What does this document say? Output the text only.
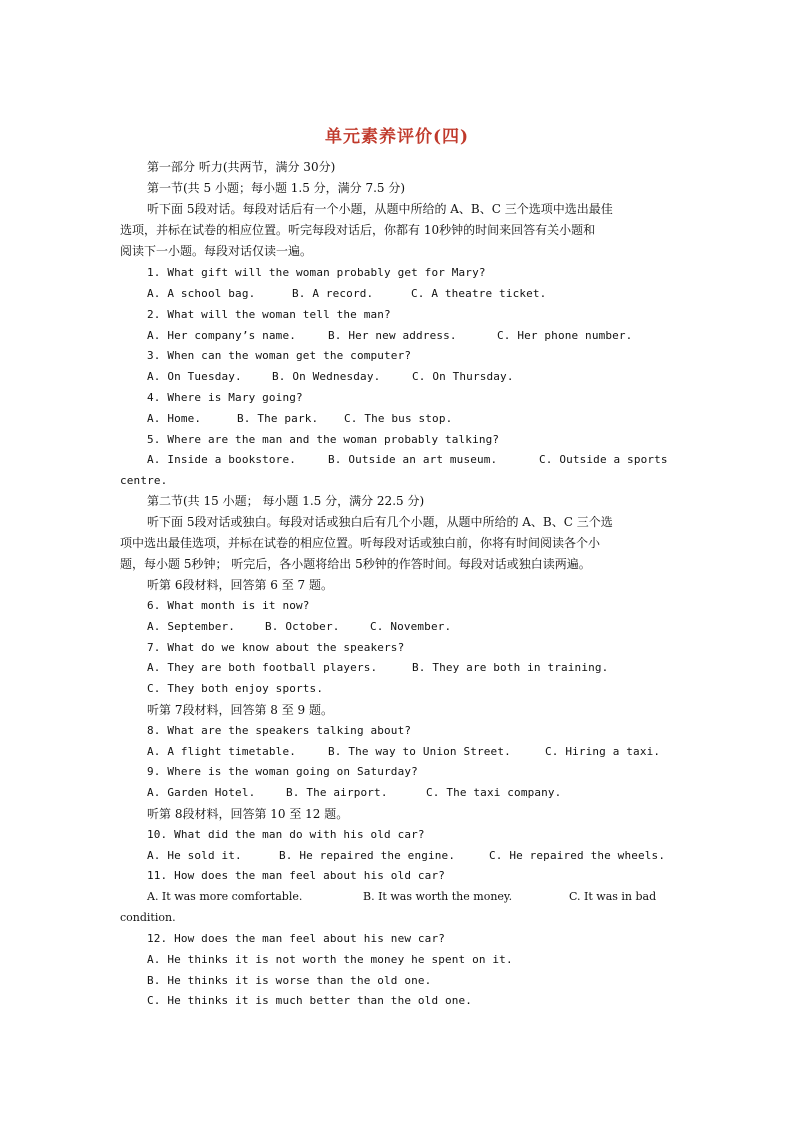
单元素养评价(四)
第一部分 听力(共两节，满分 30分)
第一节(共 5 小题；每小题 1.5 分，满分 7.5 分)
听下面 5段对话。每段对话后有一个小题，从题中所给的 A、B、C 三个选项中选出最佳
选项，并标在试卷的相应位置。听完每段对话后，你都有 10秒钟的时间来回答有关小题和
阅读下一小题。每段对话仅读一遍。
1. What gift will the woman probably get for Mary?
A. A school bag.	B. A record.	C. A theatre ticket.
2. What will the woman tell the man?
A. Her company’s name.	B. Her new address.	C. Her phone number.
3. When can the woman get the computer?
A. On Tuesday.	B. On Wednesday.	C. On Thursday.
4. Where is Mary going?
A. Home.	B. The park. C. The bus stop.
5. Where are the man and the woman probably talking?
A. Inside a bookstore.	B. Outside an art museum.	C. Outside a sports
centre.
第二节(共 15 小题； 每小题 1.5 分，满分 22.5 分)
听下面 5段对话或独白。每段对话或独白后有几个小题，从题中所给的 A、B、C 三个选
项中选出最佳选项，并标在试卷的相应位置。听每段对话或独白前，你将有时间阅读各个小
题，每小题 5秒钟； 听完后，各小题将给出 5秒钟的作答时间。每段对话或独白读两遍。
听第 6段材料，回答第 6 至 7 题。
6. What month is it now?
A. September.	B. October.	C. November.
7. What do we know about the speakers?
A. They are both football players.	B. They are both in training.
C. They both enjoy sports.
听第 7段材料，回答第 8 至 9 题。
8. What are the speakers talking about?
A. A flight timetable.	B. The way to Union Street.	C. Hiring a taxi.
9. Where is the woman going on Saturday?
A. Garden Hotel.	B. The airport.	C. The taxi company.
听第 8段材料，回答第 10 至 12 题。
10. What did the man do with his old car?
A. He sold it.	B. He repaired the engine.	C. He repaired the wheels.
11. How does the man feel about his old car?
A. It was more comfortable.	B. It was worth the money.	C. It was in bad
condition.
12. How does the man feel about his new car?
A. He thinks it is not worth the money he spent on it.
B. He thinks it is worse than the old one.
C. He thinks it is much better than the old one.
